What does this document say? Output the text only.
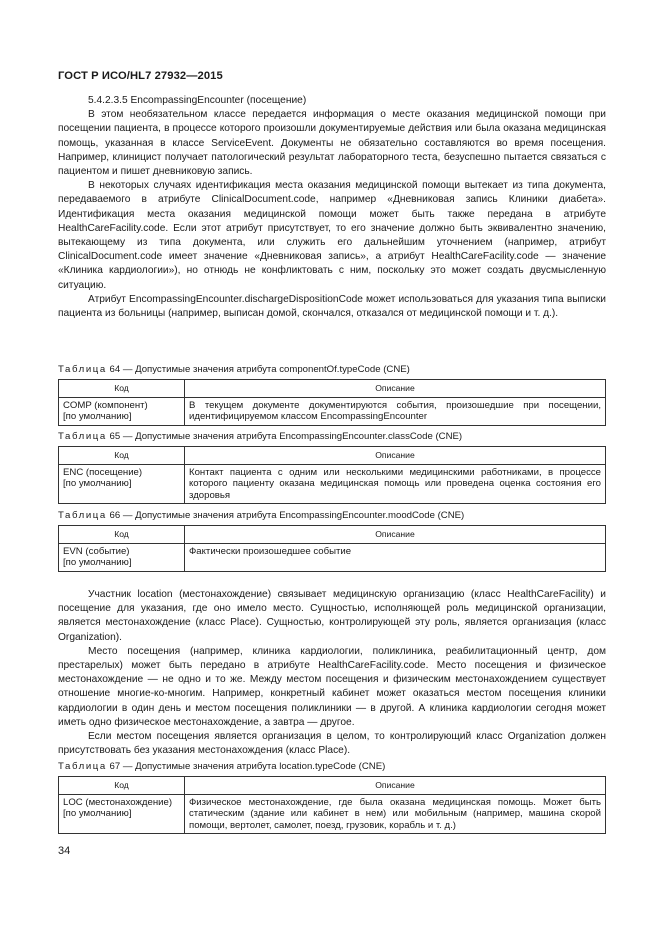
ГОСТ Р ИСО/HL7 27932—2015

5.4.2.3.5 EncompassingEncounter (посещение)

В этом необязательном классе передается информация о месте оказания медицинской помощи при посещении пациента, в процессе которого произошли документируемые действия или была оказана медицинская помощь, указанная в классе ServiceEvent. Документы не обязательно составляются во время посещения. Например, клиницист получает патологический результат лабораторного теста, безуспешно пытается связаться с пациентом и пишет дневниковую запись.

В некоторых случаях идентификация места оказания медицинской помощи вытекает из типа документа, передаваемого в атрибуте ClinicalDocument.code, например «Дневниковая запись Клиники диабета». Идентификация места оказания медицинской помощи может быть также передана в атрибуте HealthCareFacility.code. Если этот атрибут присутствует, то его значение должно быть эквивалентно значению, вытекающему из типа документа, или служить его дальнейшим уточнением (например, атрибут ClinicalDocument.code имеет значение «Дневниковая запись», а атрибут HealthCareFacility.code — значение «Клиника кардиологии»), но отнюдь не конфликтовать с ним, поскольку это может создать двусмысленную ситуацию.

Атрибут EncompassingEncounter.dischargeDispositionCode может использоваться для указания типа выписки пациента из больницы (например, выписан домой, скончался, отказался от медицинской помощи и т. д.).

Таблица 64 — Допустимые значения атрибута componentOf.typeCode (CNE)
Код	Описание
COMP (компонент)
[по умолчанию]	В текущем документе документируются события, произошедшие при посещении, идентифицируемом классом EncompassingEncounter
Таблица 65 — Допустимые значения атрибута EncompassingEncounter.classCode (CNE)
Код	Описание
ENC (посещение)
[по умолчанию]	Контакт пациента с одним или несколькими медицинскими работниками, в процессе которого пациенту оказана медицинская помощь или проведена оценка состояния его здоровья
Таблица 66 — Допустимые значения атрибута EncompassingEncounter.moodCode (CNE)
Код	Описание
EVN (событие)
[по умолчанию]	Фактически произошедшее событие

Участник location (местонахождение) связывает медицинскую организацию (класс HealthCareFacility) и посещение для указания, где оно имело место. Сущностью, исполняющей роль медицинской организации, является местонахождение (класс Place). Сущностью, контролирующей эту роль, является организация (класс Organization).

Место посещения (например, клиника кардиологии, поликлиника, реабилитационный центр, дом престарелых) может быть передано в атрибуте HealthCareFacility.code. Место посещения и физическое местонахождение — не одно и то же. Между местом посещения и физическим местонахождением существует отношение многие-ко-многим. Например, конкретный кабинет может оказаться местом посещения клиники кардиологии в один день и местом посещения поликлиники — в другой. А клиника кардиологии сегодня может иметь одно физическое местонахождение, а завтра — другое.

Если местом посещения является организация в целом, то контролирующий класс Organization должен присутствовать без указания местонахождения (класс Place).

Таблица 67 — Допустимые значения атрибута location.typeCode (CNE)
Код	Описание
LOC (местонахождение)
[по умолчанию]	Физическое местонахождение, где была оказана медицинская помощь. Может быть статическим (здание или кабинет в нем) или мобильным (например, машина скорой помощи, вертолет, самолет, поезд, грузовик, корабль и т. д.)
34
